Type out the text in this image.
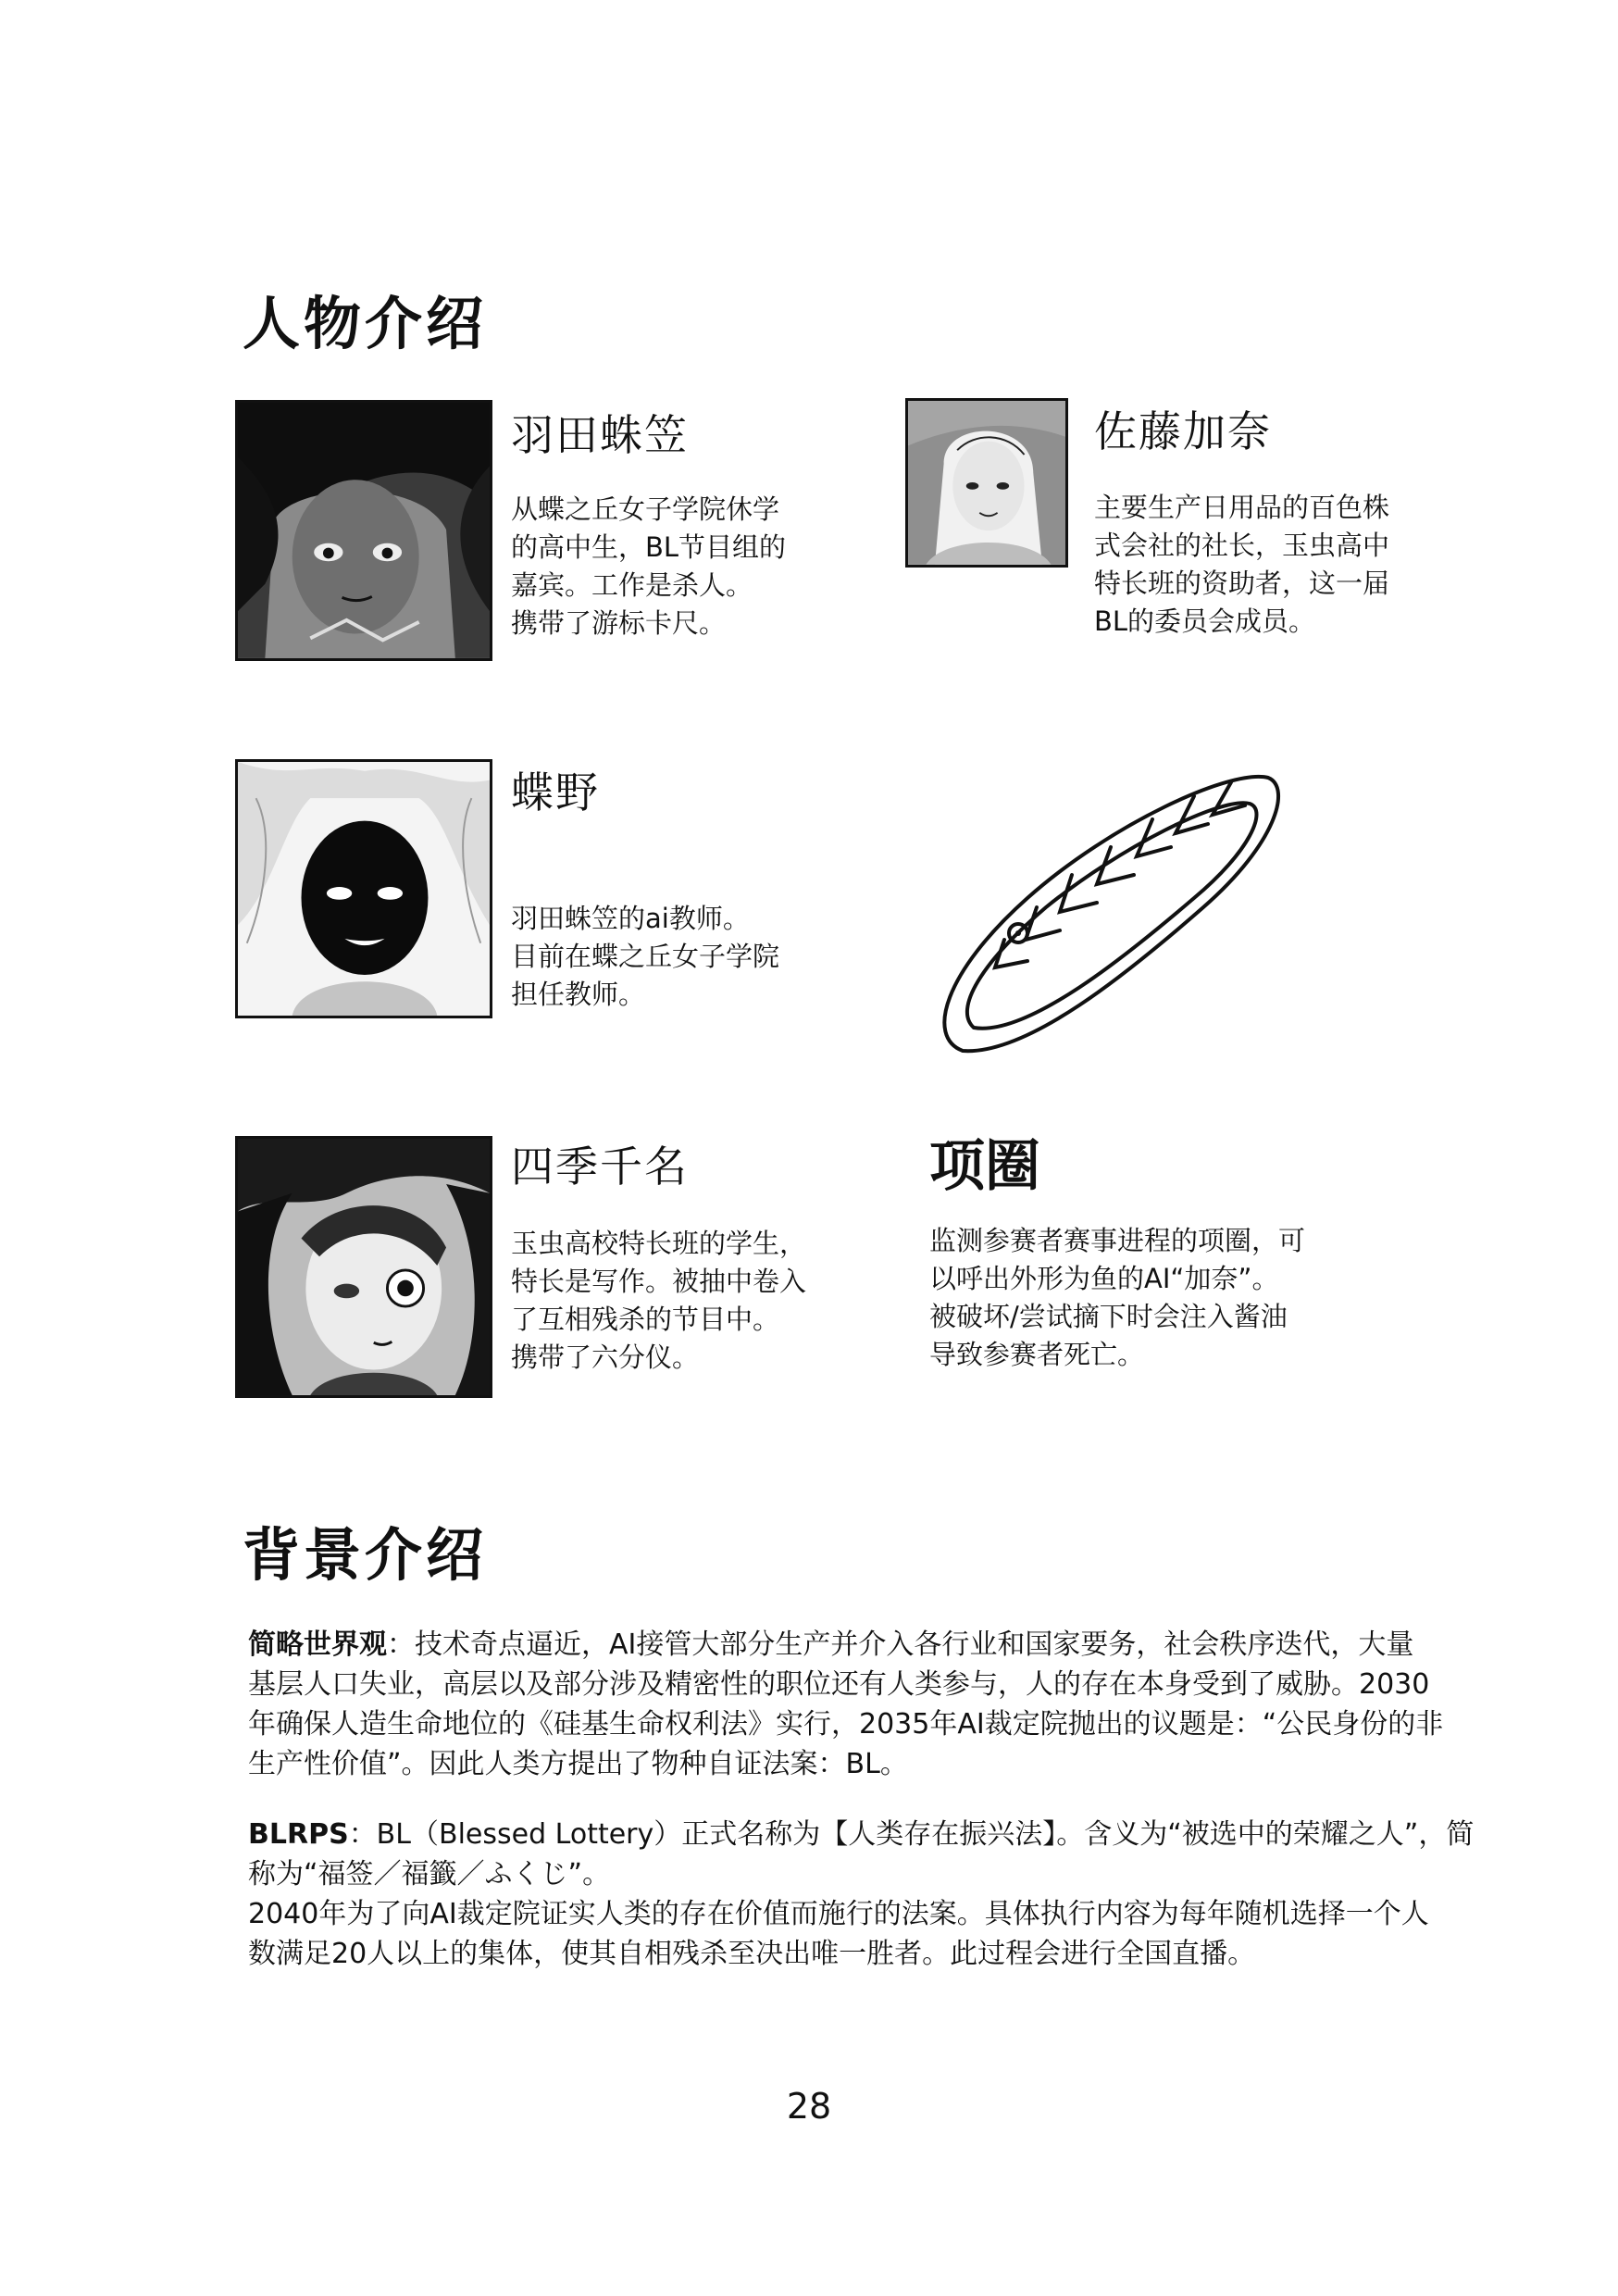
人物介绍
羽田蛛笠

从蝶之丘女子学院休学
的高中生，BL节目组的
嘉宾。工作是杀人。
携带了游标卡尺。

佐藤加奈

主要生产日用品的百色株
式会社的社长，玉虫高中
特长班的资助者，这一届
BL的委员会成员。

蝶野

羽田蛛笠的ai教师。
目前在蝶之丘女子学院
担任教师。

四季千名

玉虫高校特长班的学生，
特长是写作。被抽中卷入
了互相残杀的节目中。
携带了六分仪。

项圈

监测参赛者赛事进程的项圈，可
以呼出外形为鱼的AI“加奈”。
被破坏/尝试摘下时会注入酱油
导致参赛者死亡。

背景介绍
简略世界观：技术奇点逼近，AI接管大部分生产并介入各行业和国家要务，社会秩序迭代，大量
基层人口失业，高层以及部分涉及精密性的职位还有人类参与，人的存在本身受到了威胁。2030
年确保人造生命地位的《硅基生命权利法》实行，2035年AI裁定院抛出的议题是：“公民身份的非
生产性价值”。因此人类方提出了物种自证法案：BL。
BLRPS：BL（Blessed Lottery）正式名称为【人类存在振兴法】。含义为“被选中的荣耀之人”，简
称为“福签／福籤／ふくじ”。
2040年为了向AI裁定院证实人类的存在价值而施行的法案。具体执行内容为每年随机选择一个人
数满足20人以上的集体，使其自相残杀至决出唯一胜者。此过程会进行全国直播。
28
